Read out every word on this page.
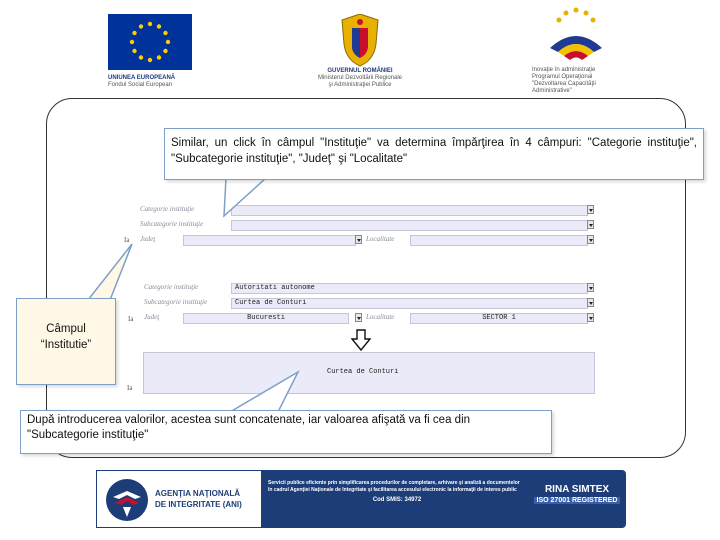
UNIUNEA EUROPEANĂ
Fondul Social European
GUVERNUL ROMÂNIEI
Ministerul Dezvoltării Regionale
şi Administraţiei Publice
Inovaţie în administraţie
Programul Operaţional
"Dezvoltarea Capacităţii
Administrative"
Categorie instituţie
Subcategorie instituţie
Ia Judeţ	Localitate
Categorie instituţie	Autoritati autonome
Subcategorie instituţie	Curtea de Conturi
Ia Judeţ	Bucuresti	Localitate	SECTOR 1
Curtea de Conturi
Ia

Similar, un click în câmpul "Instituţie" va determina împărţirea în 4 câmpuri: "Categorie instituţie", "Subcategorie instituţie", "Judeţ" şi "Localitate"

Câmpul
“Institutie”
După introducerea valorilor, acestea sunt concatenate, iar valoarea afişată va fi cea din "Subcategorie instituţie"
AGENŢIA NAŢIONALĂ
DE INTEGRITATE (ANI)
Servicii publice eficiente prin simplificarea procedurilor de completare, arhivare şi analiză a documentelor
în cadrul Agenţiei Naţionale de Integritate şi facilitarea accesului electronic la informaţii de interes public
Cod SMIS: 34972
RINA SIMTEX
ISO 27001 REGISTERED
